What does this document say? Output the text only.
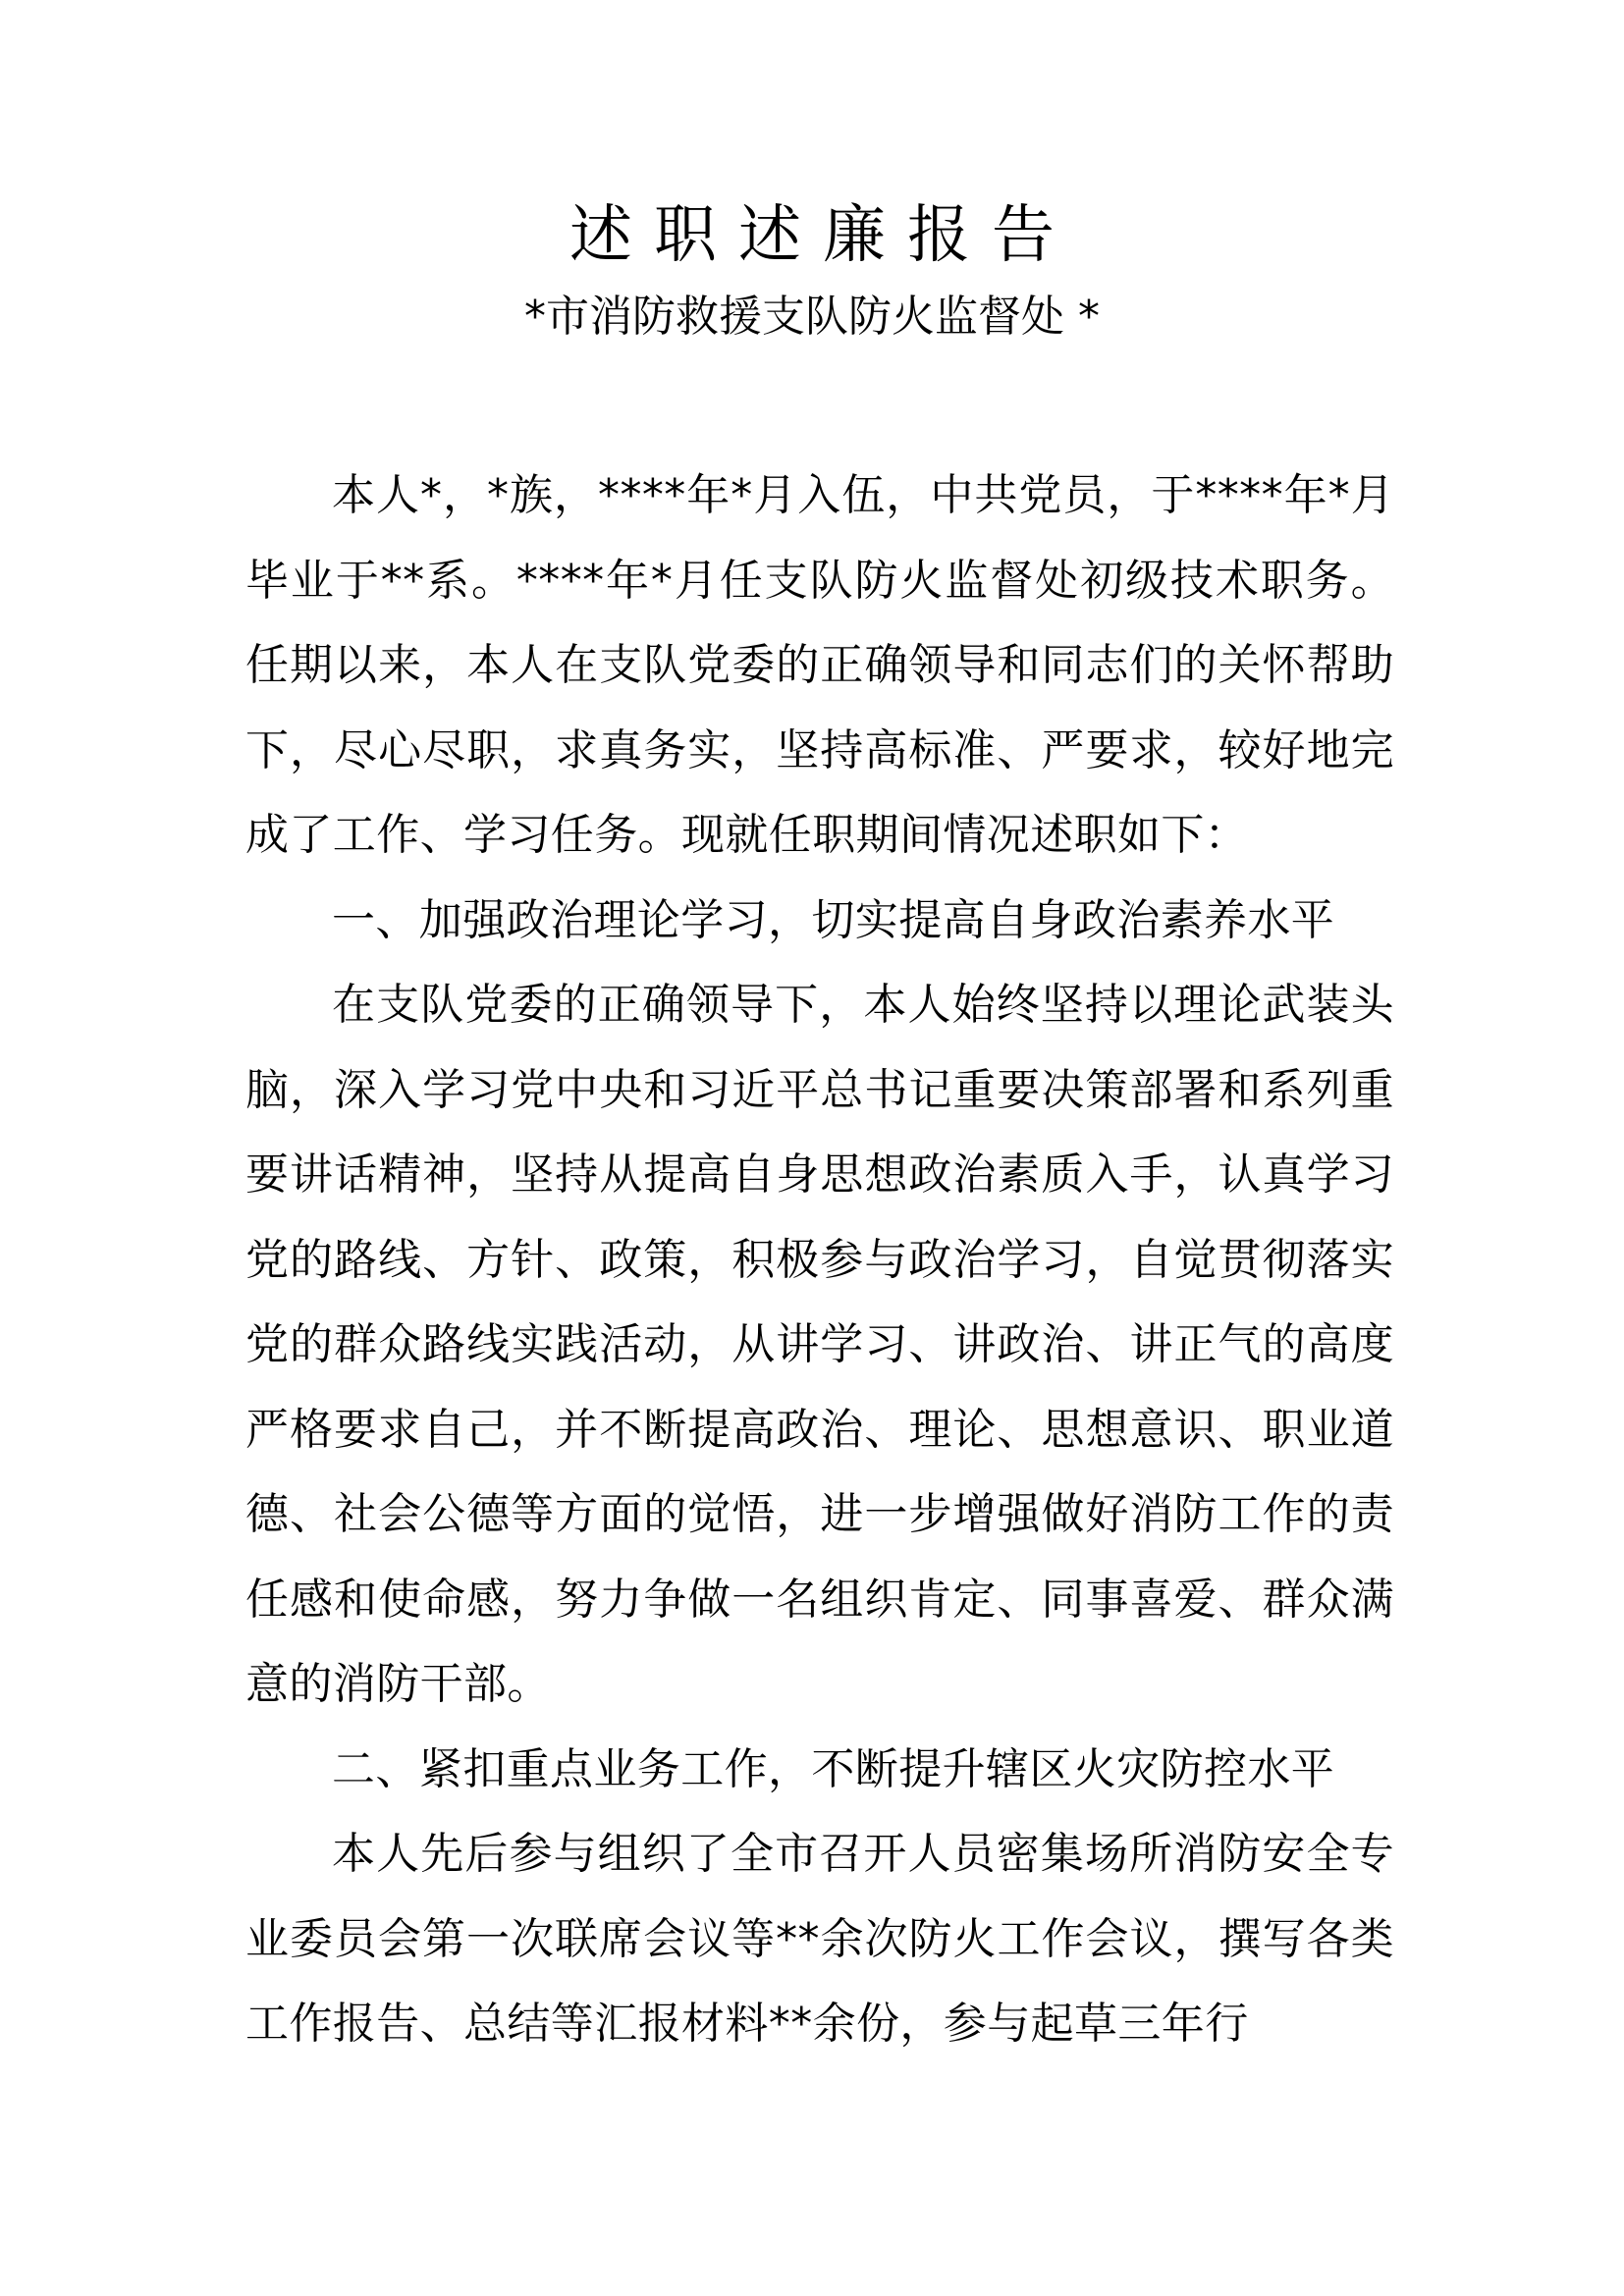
述职述廉报告
*市消防救援支队防火监督处 *

本人*，*族，****年*月入伍，中共党员，于****年*月毕业于**系。****年*月任支队防火监督处初级技术职务。任期以来，本人在支队党委的正确领导和同志们的关怀帮助下，尽心尽职，求真务实，坚持高标准、严要求，较好地完成了工作、学习任务。现就任职期间情况述职如下：

一、加强政治理论学习，切实提高自身政治素养水平

在支队党委的正确领导下，本人始终坚持以理论武装头脑，深入学习党中央和习近平总书记重要决策部署和系列重要讲话精神，坚持从提高自身思想政治素质入手，认真学习党的路线、方针、政策，积极参与政治学习，自觉贯彻落实党的群众路线实践活动，从讲学习、讲政治、讲正气的高度严格要求自己，并不断提高政治、理论、思想意识、职业道德、社会公德等方面的觉悟，进一步增强做好消防工作的责任感和使命感，努力争做一名组织肯定、同事喜爱、群众满意的消防干部。

二、紧扣重点业务工作，不断提升辖区火灾防控水平

本人先后参与组织了全市召开人员密集场所消防安全专业委员会第一次联席会议等**余次防火工作会议，撰写各类工作报告、总结等汇报材料**余份，参与起草三年行
